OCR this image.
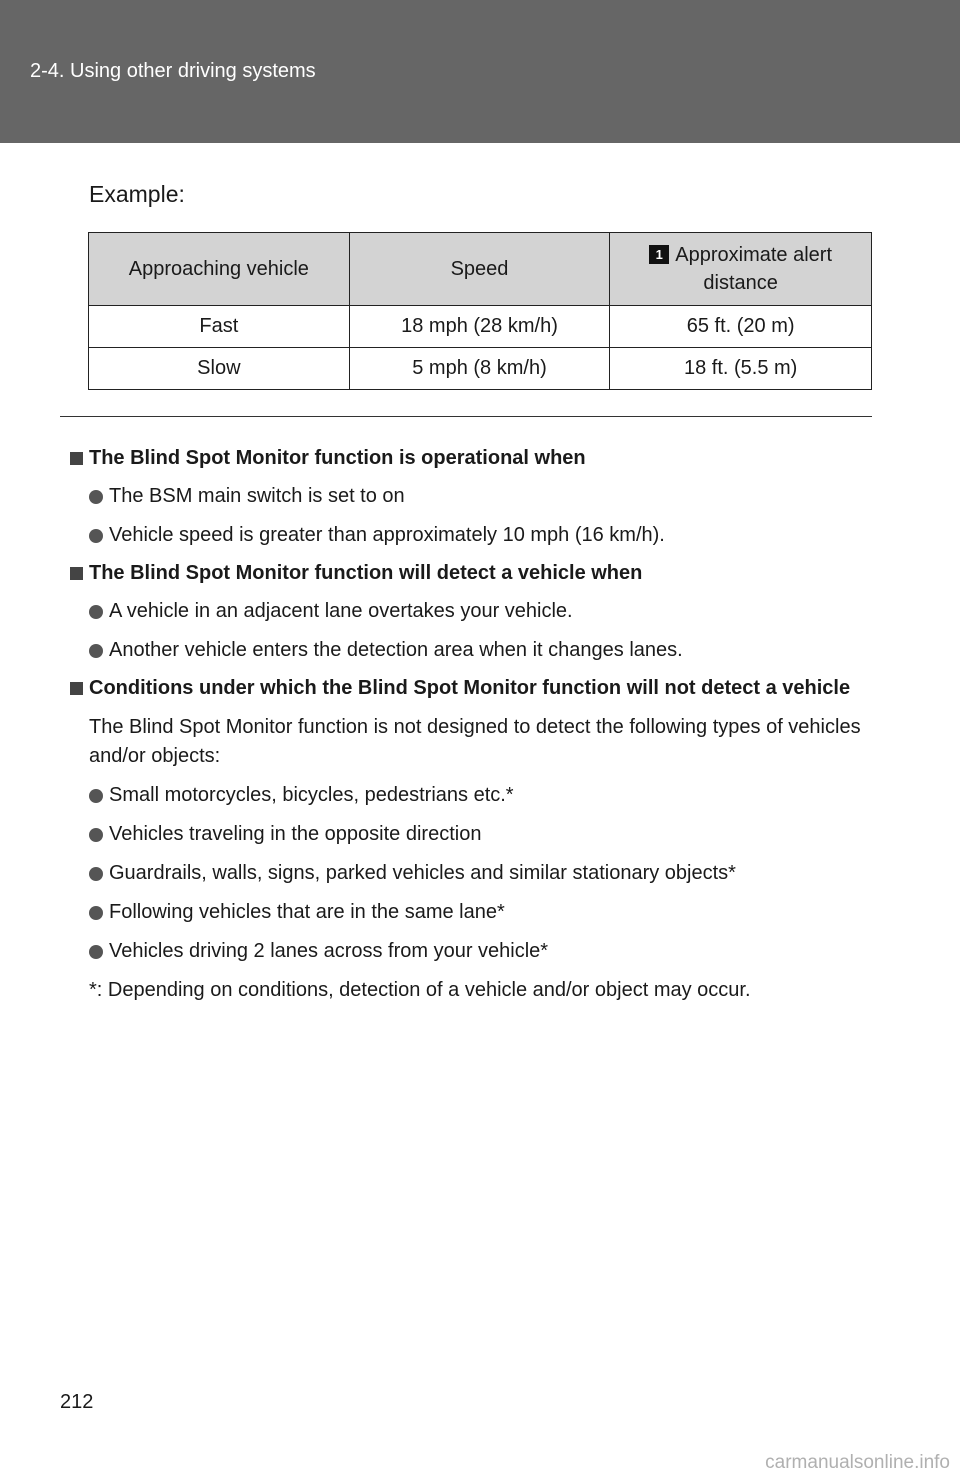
2-4. Using other driving systems
Example:
Approaching vehicle	Speed	1 Approximate alert distance
Fast	18 mph (28 km/h)	65 ft. (20 m)
Slow	5 mph (8 km/h)	18 ft. (5.5 m)
The Blind Spot Monitor function is operational when
The BSM main switch is set to on
Vehicle speed is greater than approximately 10 mph (16 km/h).
The Blind Spot Monitor function will detect a vehicle when
A vehicle in an adjacent lane overtakes your vehicle.
Another vehicle enters the detection area when it changes lanes.
Conditions under which the Blind Spot Monitor function will not detect a vehicle
The Blind Spot Monitor function is not designed to detect the following types of vehicles and/or objects:
Small motorcycles, bicycles, pedestrians etc.*
Vehicles traveling in the opposite direction
Guardrails, walls, signs, parked vehicles and similar stationary objects*
Following vehicles that are in the same lane*
Vehicles driving 2 lanes across from your vehicle*
*: Depending on conditions, detection of a vehicle and/or object may occur.
212
carmanualsonline.info
